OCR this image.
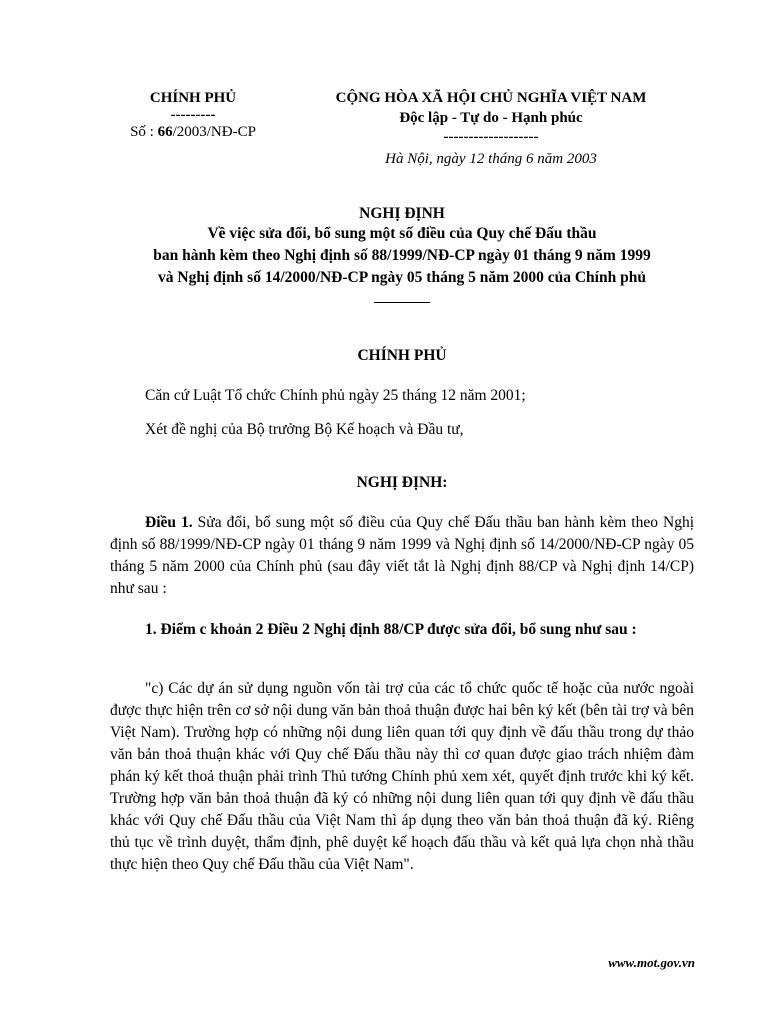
CHÍNH PHỦ
---------
Số : 66/2003/NĐ-CP
CỘNG HÒA XÃ HỘI CHỦ NGHĨA VIỆT NAM
Độc lập - Tự do - Hạnh phúc
-------------------
Hà Nội, ngày 12 tháng 6 năm 2003
NGHỊ ĐỊNH
Về việc sửa đổi, bổ sung một số điều của Quy chế Đấu thầu
ban hành kèm theo Nghị định số 88/1999/NĐ-CP ngày 01 tháng 9 năm 1999
và Nghị định số 14/2000/NĐ-CP ngày 05 tháng 5 năm 2000 của Chính phủ
CHÍNH PHỦ
Căn cứ Luật Tổ chức Chính phủ ngày 25 tháng 12 năm 2001;
Xét đề nghị của Bộ trưởng Bộ Kế hoạch và Đầu tư,
NGHỊ ĐỊNH:
Điều 1. Sửa đổi, bổ sung một số điều của Quy chế Đấu thầu ban hành kèm theo Nghị định số 88/1999/NĐ-CP ngày 01 tháng 9 năm 1999 và Nghị định số 14/2000/NĐ-CP ngày 05 tháng 5 năm 2000 của Chính phủ (sau đây viết tắt là Nghị định 88/CP và Nghị định 14/CP) như sau :
1. Điểm c khoản 2 Điều 2 Nghị định 88/CP được sửa đổi, bổ sung như sau :
"c) Các dự án sử dụng nguồn vốn tài trợ của các tổ chức quốc tế hoặc của nước ngoài được thực hiện trên cơ sở nội dung văn bản thoả thuận được hai bên ký kết (bên tài trợ và bên Việt Nam). Trường hợp có những nội dung liên quan tới quy định về đấu thầu trong dự thảo văn bản thoả thuận khác với Quy chế Đấu thầu này thì cơ quan được giao trách nhiệm đàm phán ký kết thoả thuận phải trình Thủ tướng Chính phủ xem xét, quyết định trước khi ký kết. Trường hợp văn bản thoả thuận đã ký có những nội dung liên quan tới quy định về đấu thầu khác với Quy chế Đấu thầu của Việt Nam thì áp dụng theo văn bản thoả thuận đã ký. Riêng thủ tục về trình duyệt, thẩm định, phê duyệt kế hoạch đấu thầu và kết quả lựa chọn nhà thầu thực hiện theo Quy chế Đấu thầu của Việt Nam".
www.mot.gov.vn
